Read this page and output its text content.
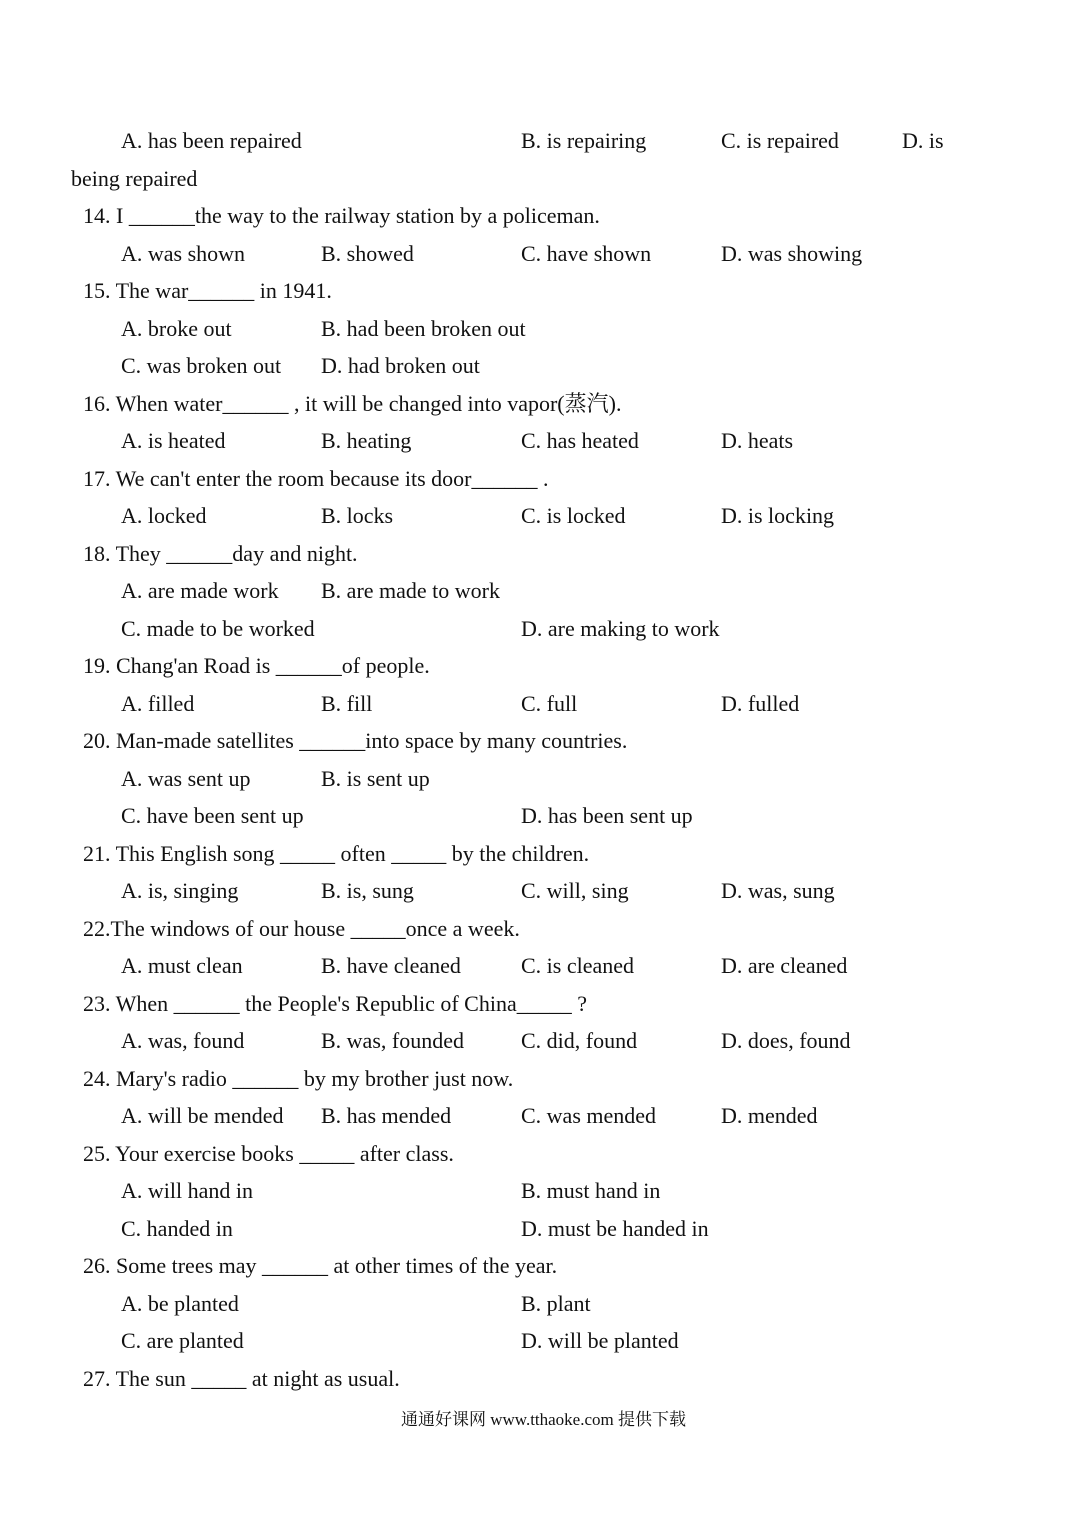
A. has been repaired	B. is repairing	C. is repaired	D. is
being repaired
14. I ______the way to the railway station by a policeman.
A. was shown	B. showed	C. have shown	D. was showing
15. The war______ in 1941.
A. broke out	B. had been broken out
C. was broken out D. had broken out
16. When water______ , it will be changed into vapor(蒸汽).
A. is heated	B. heating	C. has heated	D. heats
17. We can't enter the room because its door______ .
A. locked	B. locks	C. is locked	D. is locking
18. They ______day and night.
A. are made work B. are made to work
C. made to be worked	D. are making to work
19. Chang'an Road is ______of people.
A. filled	B. fill	C. full	D. fulled
20. Man-made satellites ______into space by many countries.
A. was sent up	B. is sent up
C. have been sent up	D. has been sent up
21. This English song _____ often _____ by the children.
A. is, singing	B. is, sung	C. will, sing	D. was, sung
22.The windows of our house _____once a week.
A. must clean	B. have cleaned	C. is cleaned	D. are cleaned
23. When ______ the People's Republic of China_____ ?
A. was, found	B. was, founded	C. did, found	D. does, found
24. Mary's radio ______ by my brother just now.
A. will be mended B. has mended	C. was mended	D. mended
25. Your exercise books _____ after class.
A. will hand in	B. must hand in
C. handed in	D. must be handed in
26. Some trees may ______ at other times of the year.
A. be planted	B. plant
C. are planted	D. will be planted
27. The sun _____ at night as usual.
通通好课网 www.tthaoke.com 提供下载
